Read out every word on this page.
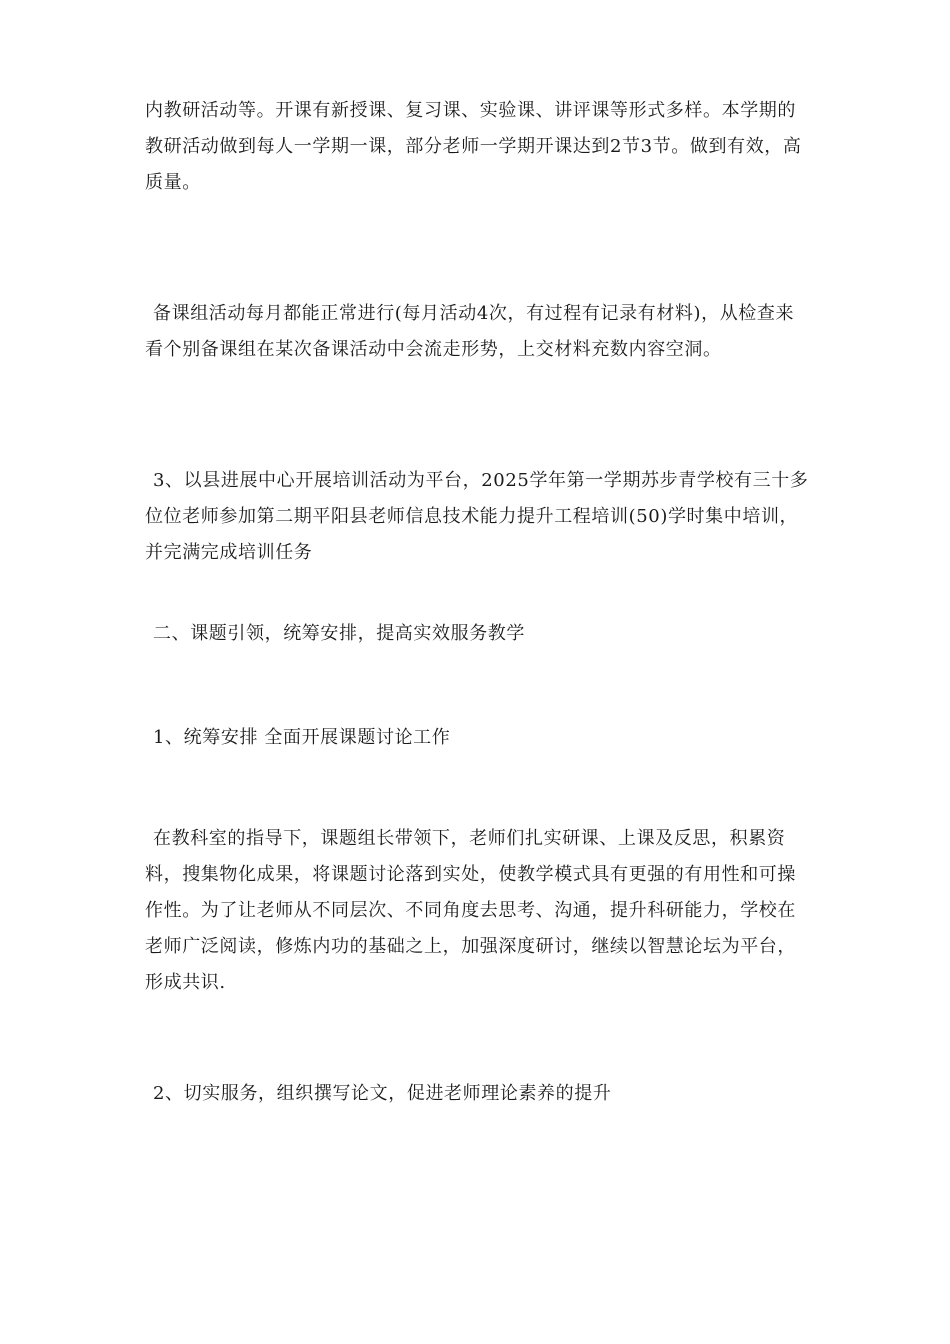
内教研活动等。开课有新授课、复习课、实验课、讲评课等形式多样。本学期的教研活动做到每人一学期一课，部分老师一学期开课达到2节3节。做到有效，高质量。

备课组活动每月都能正常进行(每月活动4次，有过程有记录有材料)，从检查来看个别备课组在某次备课活动中会流走形势，上交材料充数内容空洞。

3、以县进展中心开展培训活动为平台，2025学年第一学期苏步青学校有三十多位位老师参加第二期平阳县老师信息技术能力提升工程培训(50)学时集中培训，并完满完成培训任务

二、课题引领，统筹安排，提高实效服务教学

1、统筹安排 全面开展课题讨论工作

在教科室的指导下，课题组长带领下，老师们扎实研课、上课及反思，积累资料，搜集物化成果，将课题讨论落到实处，使教学模式具有更强的有用性和可操作性。为了让老师从不同层次、不同角度去思考、沟通，提升科研能力，学校在老师广泛阅读，修炼内功的基础之上，加强深度研讨，继续以智慧论坛为平台，形成共识.

2、切实服务，组织撰写论文，促进老师理论素养的提升
